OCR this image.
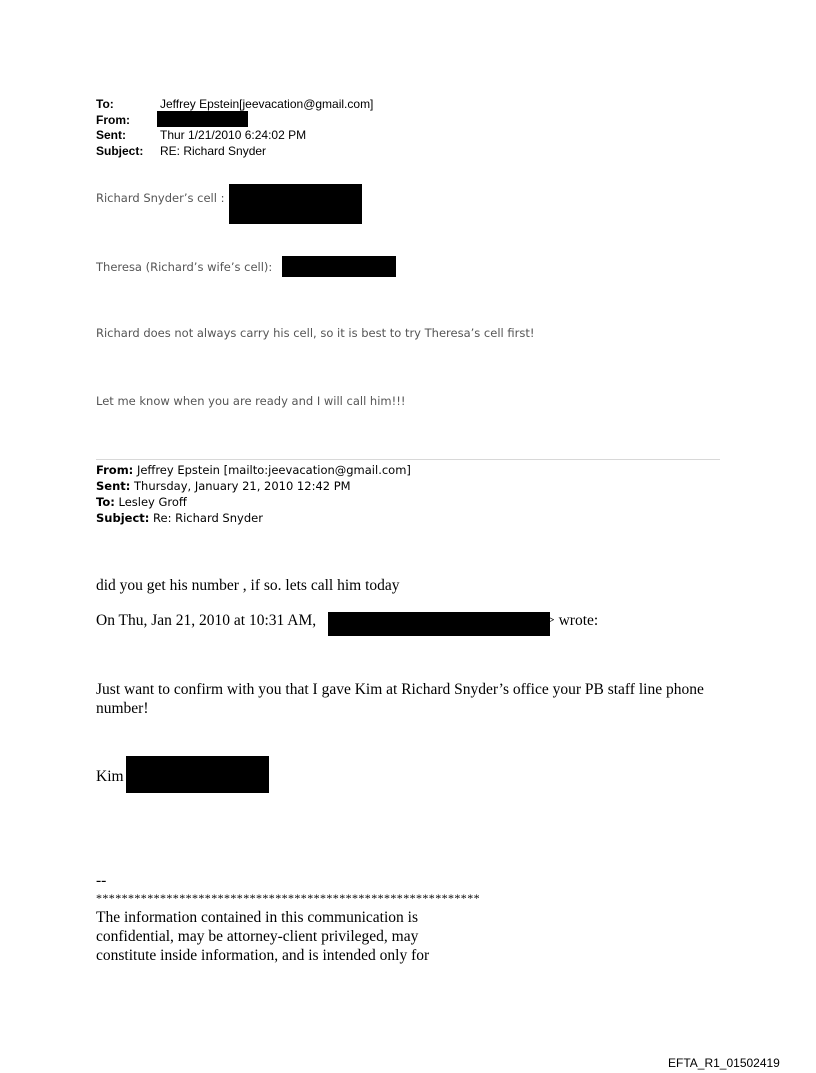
To:	Jeffrey Epstein[jeevacation@gmail.com]
From:
Sent:	Thur 1/21/2010 6:24:02 PM
Subject: RE: Richard Snyder
Richard Snyder’s cell :
Theresa (Richard’s wife’s cell):
Richard does not always carry his cell, so it is best to try Theresa’s cell first!
Let me know when you are ready and I will call him!!!
From: Jeffrey Epstein [mailto:jeevacation@gmail.com]
Sent: Thursday, January 21, 2010 12:42 PM
To: Lesley Groff
Subject: Re: Richard Snyder
did you get his number , if so. lets call him today
On Thu, Jan 21, 2010 at 10:31 AM,	> wrote:
Just want to confirm with you that I gave Kim at Richard Snyder’s office your PB staff line phone
number!
Kim
--
************************************************************
The information contained in this communication is
confidential, may be attorney-client privileged, may
constitute inside information, and is intended only for
EFTA_R1_01502419
